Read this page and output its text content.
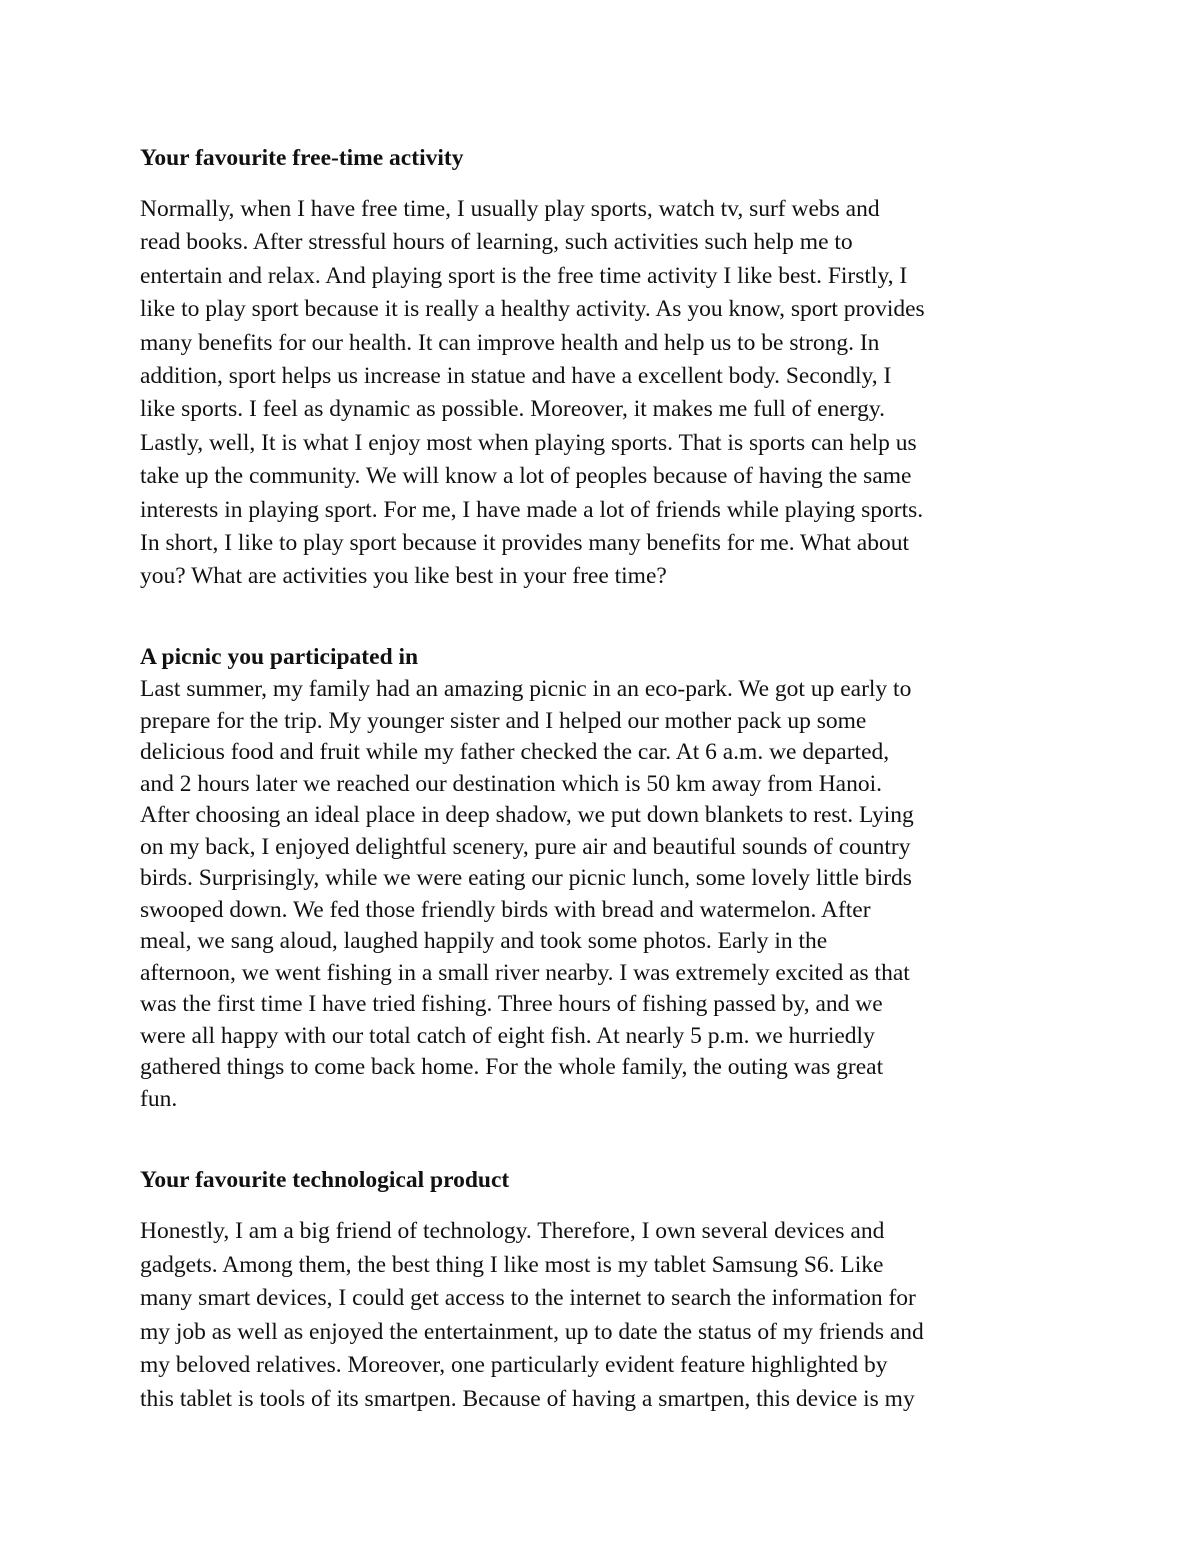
Your favourite free-time activity

Normally, when I have free time, I usually play sports, watch tv, surf webs and

read books. After stressful hours of learning, such activities such help me to

entertain and relax. And playing sport is the free time activity I like best. Firstly, I

like to play sport because it is really a healthy activity. As you know, sport provides

many benefits for our health. It can improve health and help us to be strong. In

addition, sport helps us increase in statue and have a excellent body. Secondly, I

like sports. I feel as dynamic as possible. Moreover, it makes me full of energy.

Lastly, well, It is what I enjoy most when playing sports. That is sports can help us

take up the community. We will know a lot of peoples because of having the same

interests in playing sport. For me, I have made a lot of friends while playing sports.

In short, I like to play sport because it provides many benefits for me. What about

you? What are activities you like best in your free time?

A picnic you participated in

Last summer, my family had an amazing picnic in an eco-park. We got up early to

prepare for the trip. My younger sister and I helped our mother pack up some

delicious food and fruit while my father checked the car. At 6 a.m. we departed,

and 2 hours later we reached our destination which is 50 km away from Hanoi.

After choosing an ideal place in deep shadow, we put down blankets to rest. Lying

on my back, I enjoyed delightful scenery, pure air and beautiful sounds of country

birds. Surprisingly, while we were eating our picnic lunch, some lovely little birds

swooped down. We fed those friendly birds with bread and watermelon. After

meal, we sang aloud, laughed happily and took some photos. Early in the

afternoon, we went fishing in a small river nearby. I was extremely excited as that

was the first time I have tried fishing. Three hours of fishing passed by, and we

were all happy with our total catch of eight fish. At nearly 5 p.m. we hurriedly

gathered things to come back home. For the whole family, the outing was great

fun.

Your favourite technological product

Honestly, I am a big friend of technology. Therefore, I own several devices and

gadgets. Among them, the best thing I like most is my tablet Samsung S6. Like

many smart devices, I could get access to the internet to search the information for

my job as well as enjoyed the entertainment, up to date the status of my friends and

my beloved relatives. Moreover, one particularly evident feature highlighted by

this tablet is tools of its smartpen. Because of having a smartpen, this device is my
